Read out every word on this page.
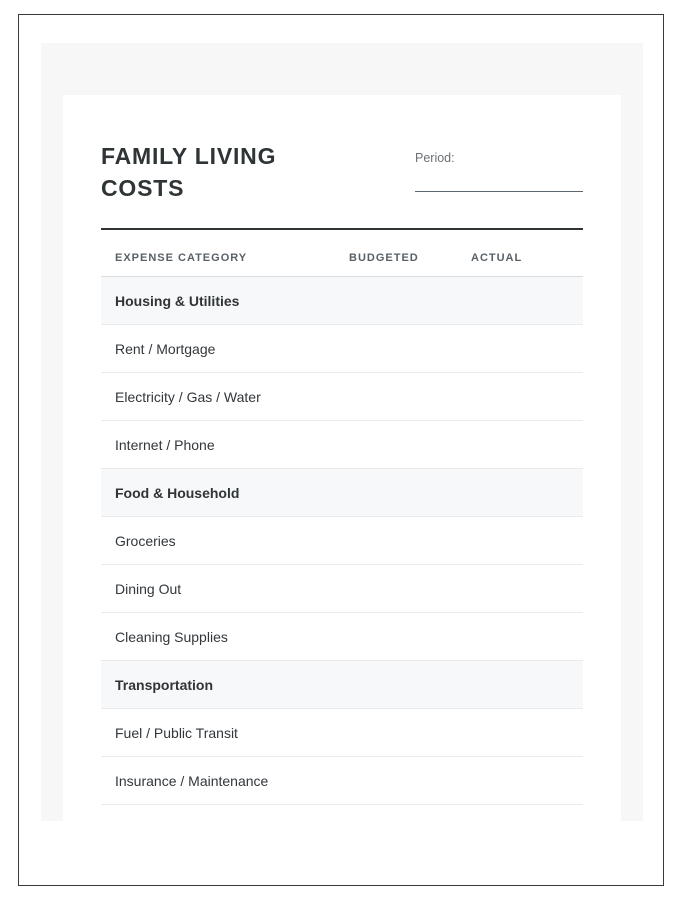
FAMILY LIVING COSTS
Period:
EXPENSE CATEGORY	BUDGETED	ACTUAL
Housing & Utilities		
Rent / Mortgage		
Electricity / Gas / Water		
Internet / Phone		
Food & Household		
Groceries		
Dining Out		
Cleaning Supplies		
Transportation		
Fuel / Public Transit		
Insurance / Maintenance		
